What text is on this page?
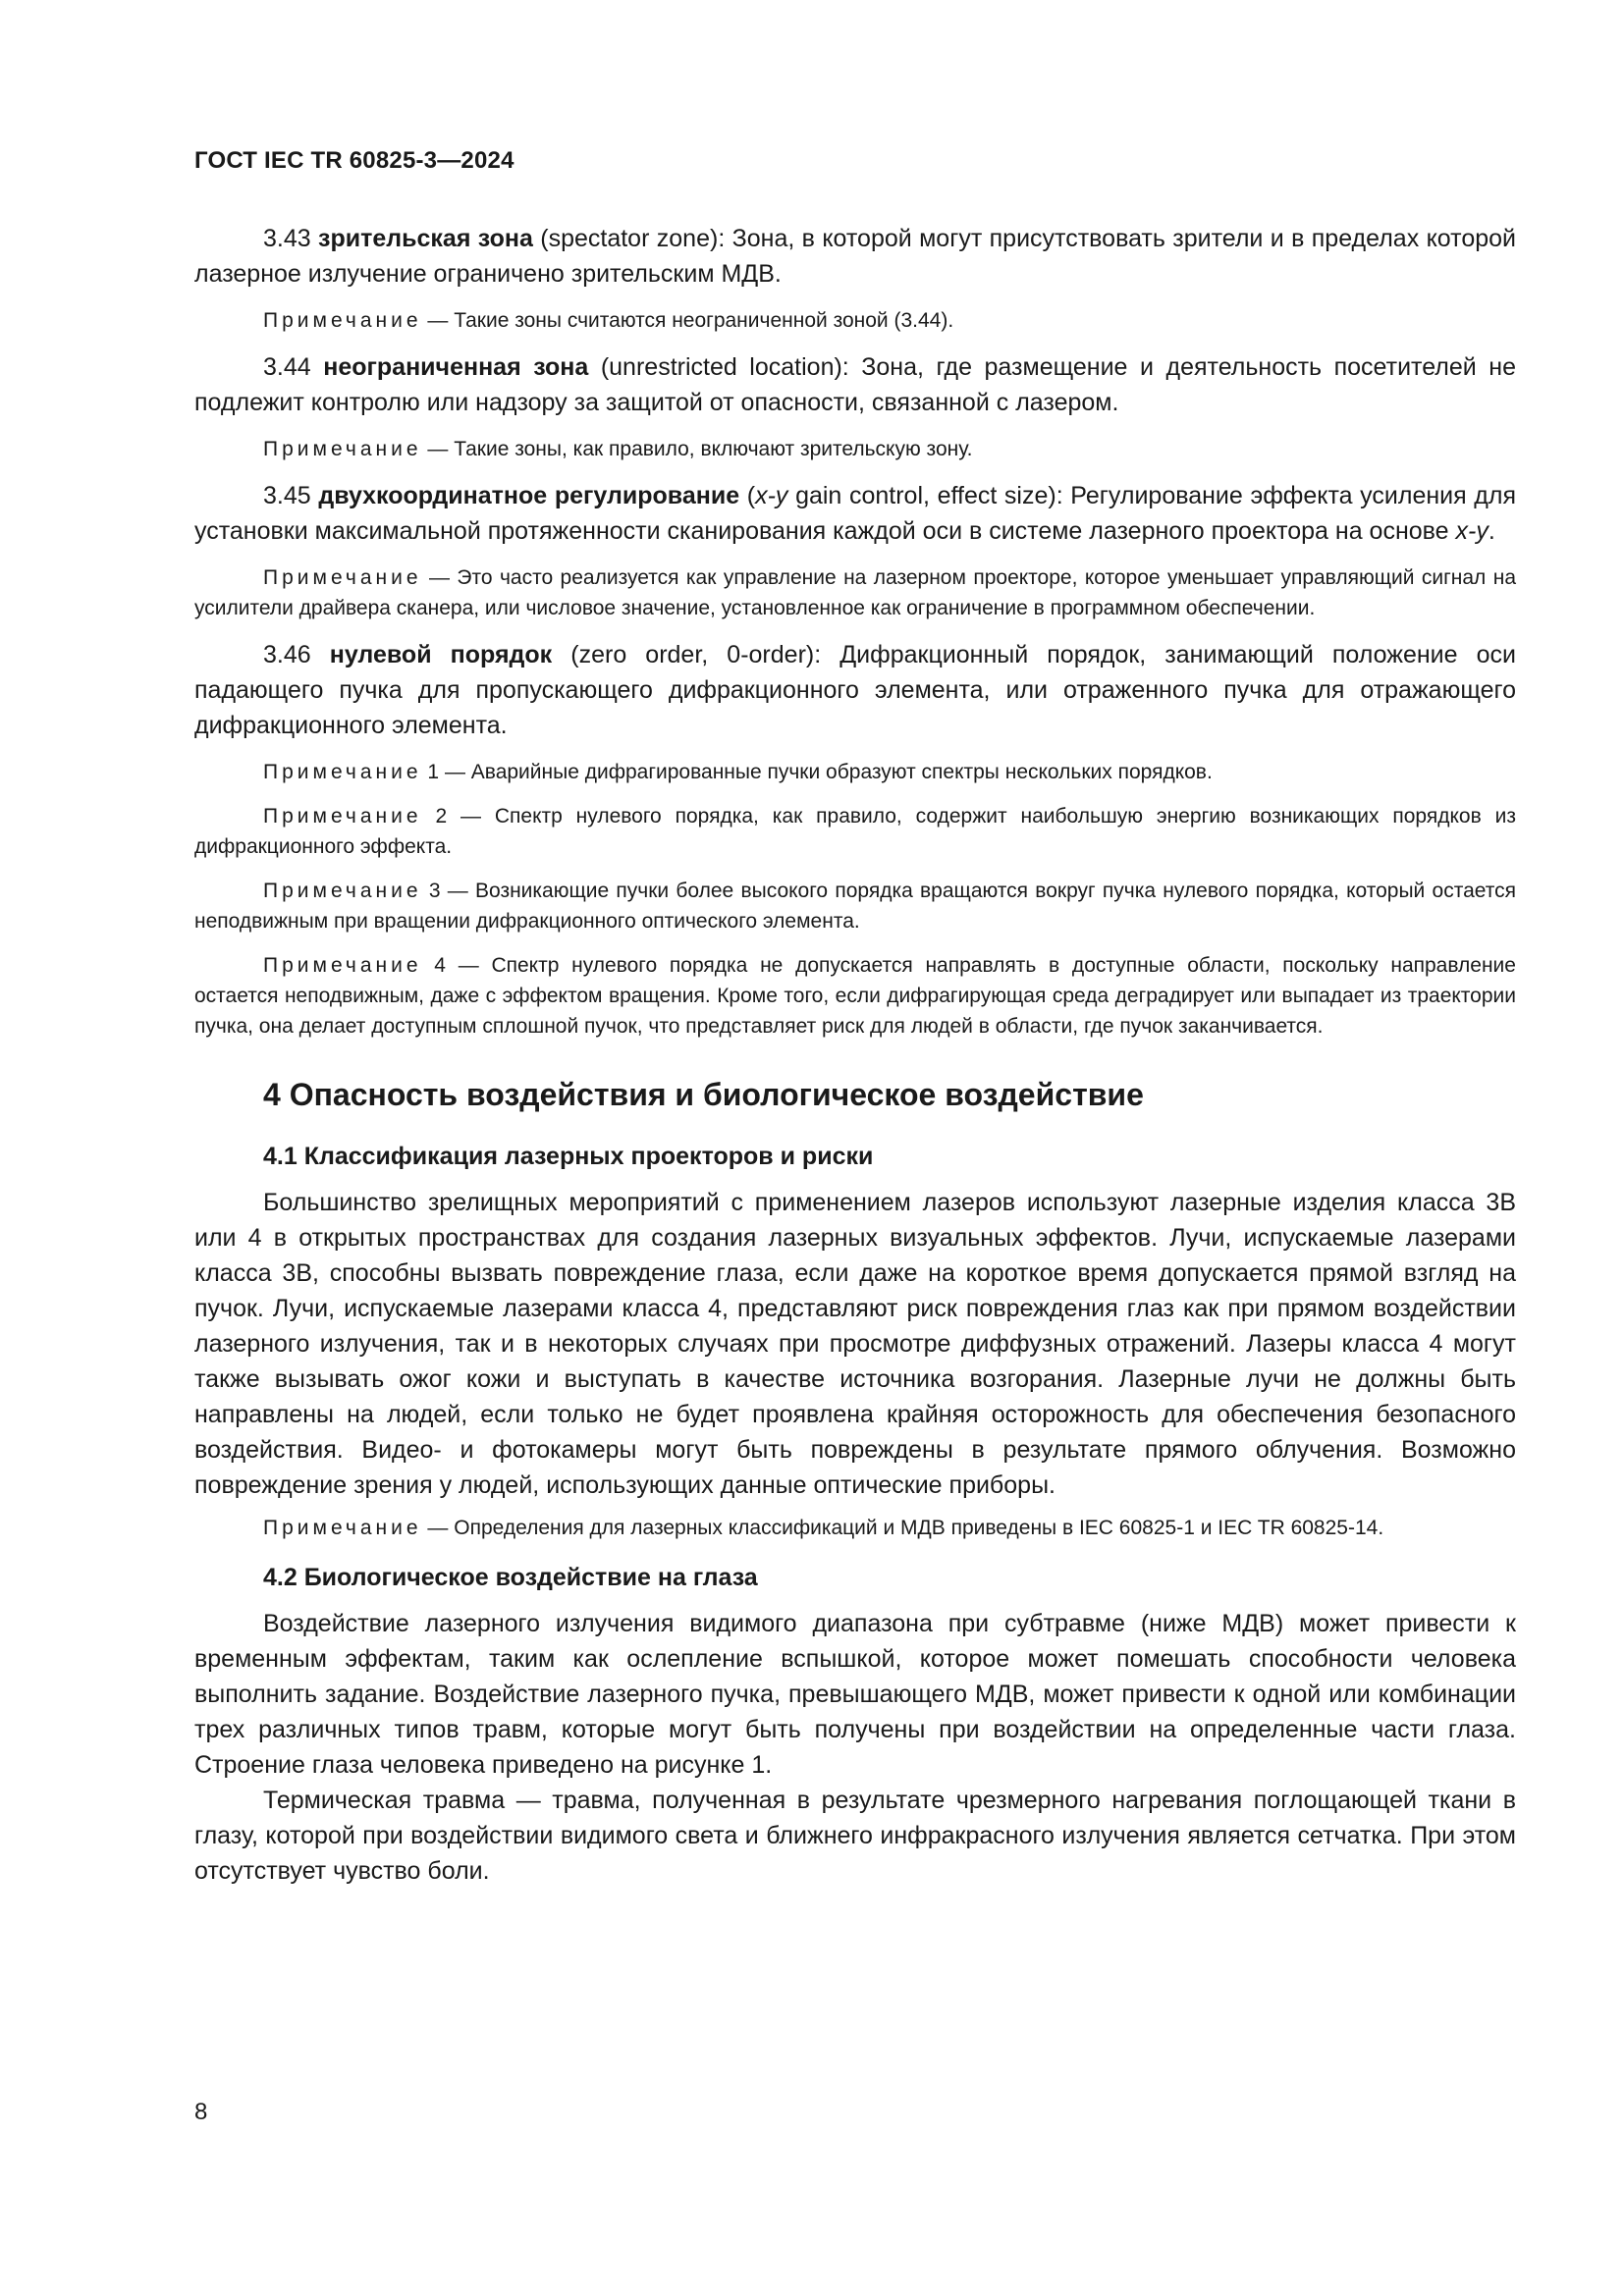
ГОСТ IEC TR 60825-3—2024

3.43 зрительская зона (spectator zone): Зона, в которой могут присутствовать зрители и в пределах которой лазерное излучение ограничено зрительским МДВ.

Примечание — Такие зоны считаются неограниченной зоной (3.44).

3.44 неограниченная зона (unrestricted location): Зона, где размещение и деятельность посетителей не подлежит контролю или надзору за защитой от опасности, связанной с лазером.

Примечание — Такие зоны, как правило, включают зрительскую зону.

3.45 двухкоординатное регулирование (x-y gain control, effect size): Регулирование эффекта усиления для установки максимальной протяженности сканирования каждой оси в системе лазерного проектора на основе x-y.

Примечание — Это часто реализуется как управление на лазерном проекторе, которое уменьшает управляющий сигнал на усилители драйвера сканера, или числовое значение, установленное как ограничение в программном обеспечении.

3.46 нулевой порядок (zero order, 0-order): Дифракционный порядок, занимающий положение оси падающего пучка для пропускающего дифракционного элемента, или отраженного пучка для отражающего дифракционного элемента.

Примечание 1 — Аварийные дифрагированные пучки образуют спектры нескольких порядков.

Примечание 2 — Спектр нулевого порядка, как правило, содержит наибольшую энергию возникающих порядков из дифракционного эффекта.

Примечание 3 — Возникающие пучки более высокого порядка вращаются вокруг пучка нулевого порядка, который остается неподвижным при вращении дифракционного оптического элемента.

Примечание 4 — Спектр нулевого порядка не допускается направлять в доступные области, поскольку направление остается неподвижным, даже с эффектом вращения. Кроме того, если дифрагирующая среда деградирует или выпадает из траектории пучка, она делает доступным сплошной пучок, что представляет риск для людей в области, где пучок заканчивается.

4 Опасность воздействия и биологическое воздействие
4.1 Классификация лазерных проекторов и риски

Большинство зрелищных мероприятий с применением лазеров используют лазерные изделия класса 3В или 4 в открытых пространствах для создания лазерных визуальных эффектов. Лучи, испускаемые лазерами класса 3В, способны вызвать повреждение глаза, если даже на короткое время допускается прямой взгляд на пучок. Лучи, испускаемые лазерами класса 4, представляют риск повреждения глаз как при прямом воздействии лазерного излучения, так и в некоторых случаях при просмотре диффузных отражений. Лазеры класса 4 могут также вызывать ожог кожи и выступать в качестве источника возгорания. Лазерные лучи не должны быть направлены на людей, если только не будет проявлена крайняя осторожность для обеспечения безопасного воздействия. Видео- и фотокамеры могут быть повреждены в результате прямого облучения. Возможно повреждение зрения у людей, использующих данные оптические приборы.

Примечание — Определения для лазерных классификаций и МДВ приведены в IEC 60825-1 и IEC TR 60825-14.

4.2 Биологическое воздействие на глаза

Воздействие лазерного излучения видимого диапазона при субтравме (ниже МДВ) может привести к временным эффектам, таким как ослепление вспышкой, которое может помешать способности человека выполнить задание. Воздействие лазерного пучка, превышающего МДВ, может привести к одной или комбинации трех различных типов травм, которые могут быть получены при воздействии на определенные части глаза. Строение глаза человека приведено на рисунке 1.

Термическая травма — травма, полученная в результате чрезмерного нагревания поглощающей ткани в глазу, которой при воздействии видимого света и ближнего инфракрасного излучения является сетчатка. При этом отсутствует чувство боли.

8
